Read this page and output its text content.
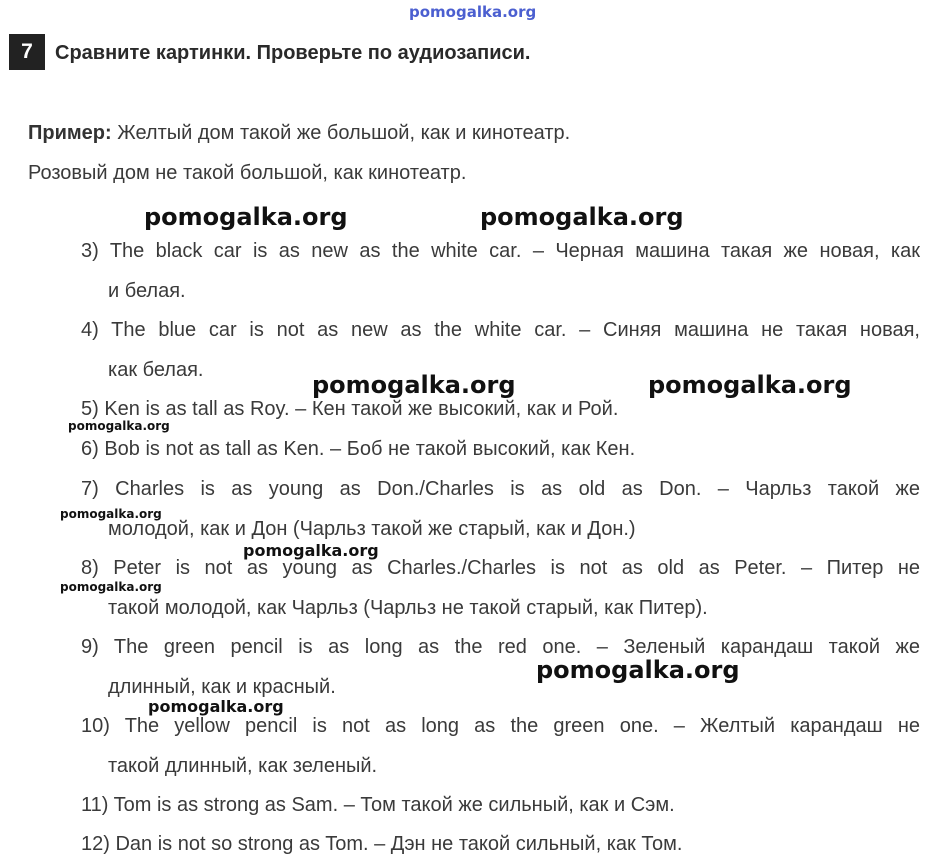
pomogalka.org
7	Сравните картинки. Проверьте по аудиозаписи.
Пример: Желтый дом такой же большой, как и кинотеатр.
Розовый дом не такой большой, как кинотеатр.
3) The black car is as new as the white car. – Черная машина такая же новая, как
и белая.
4) The blue car is not as new as the white car. – Синяя машина не такая новая,
как белая.
5) Ken is as tall as Roy. – Кен такой же высокий, как и Рой.
6) Bob is not as tall as Ken. – Боб не такой высокий, как Кен.
7) Charles is as young as Don./Charles is as old as Don. – Чарльз такой же
молодой, как и Дон (Чарльз такой же старый, как и Дон.)
8) Peter is not as young as Charles./Charles is not as old as Peter. – Питер не
такой молодой, как Чарльз (Чарльз не такой старый, как Питер).
9) The green pencil is as long as the red one. – Зеленый карандаш такой же
длинный, как и красный.
10) The yellow pencil is not as long as the green one. – Желтый карандаш не
такой длинный, как зеленый.
11) Tom is as strong as Sam. – Том такой же сильный, как и Сэм.
12) Dan is not so strong as Tom. – Дэн не такой сильный, как Том.
pomogalka.org	pomogalka.org
pomogalka.org	pomogalka.org
pomogalka.org
pomogalka.org
pomogalka.org
pomogalka.org
pomogalka.org
pomogalka.org
